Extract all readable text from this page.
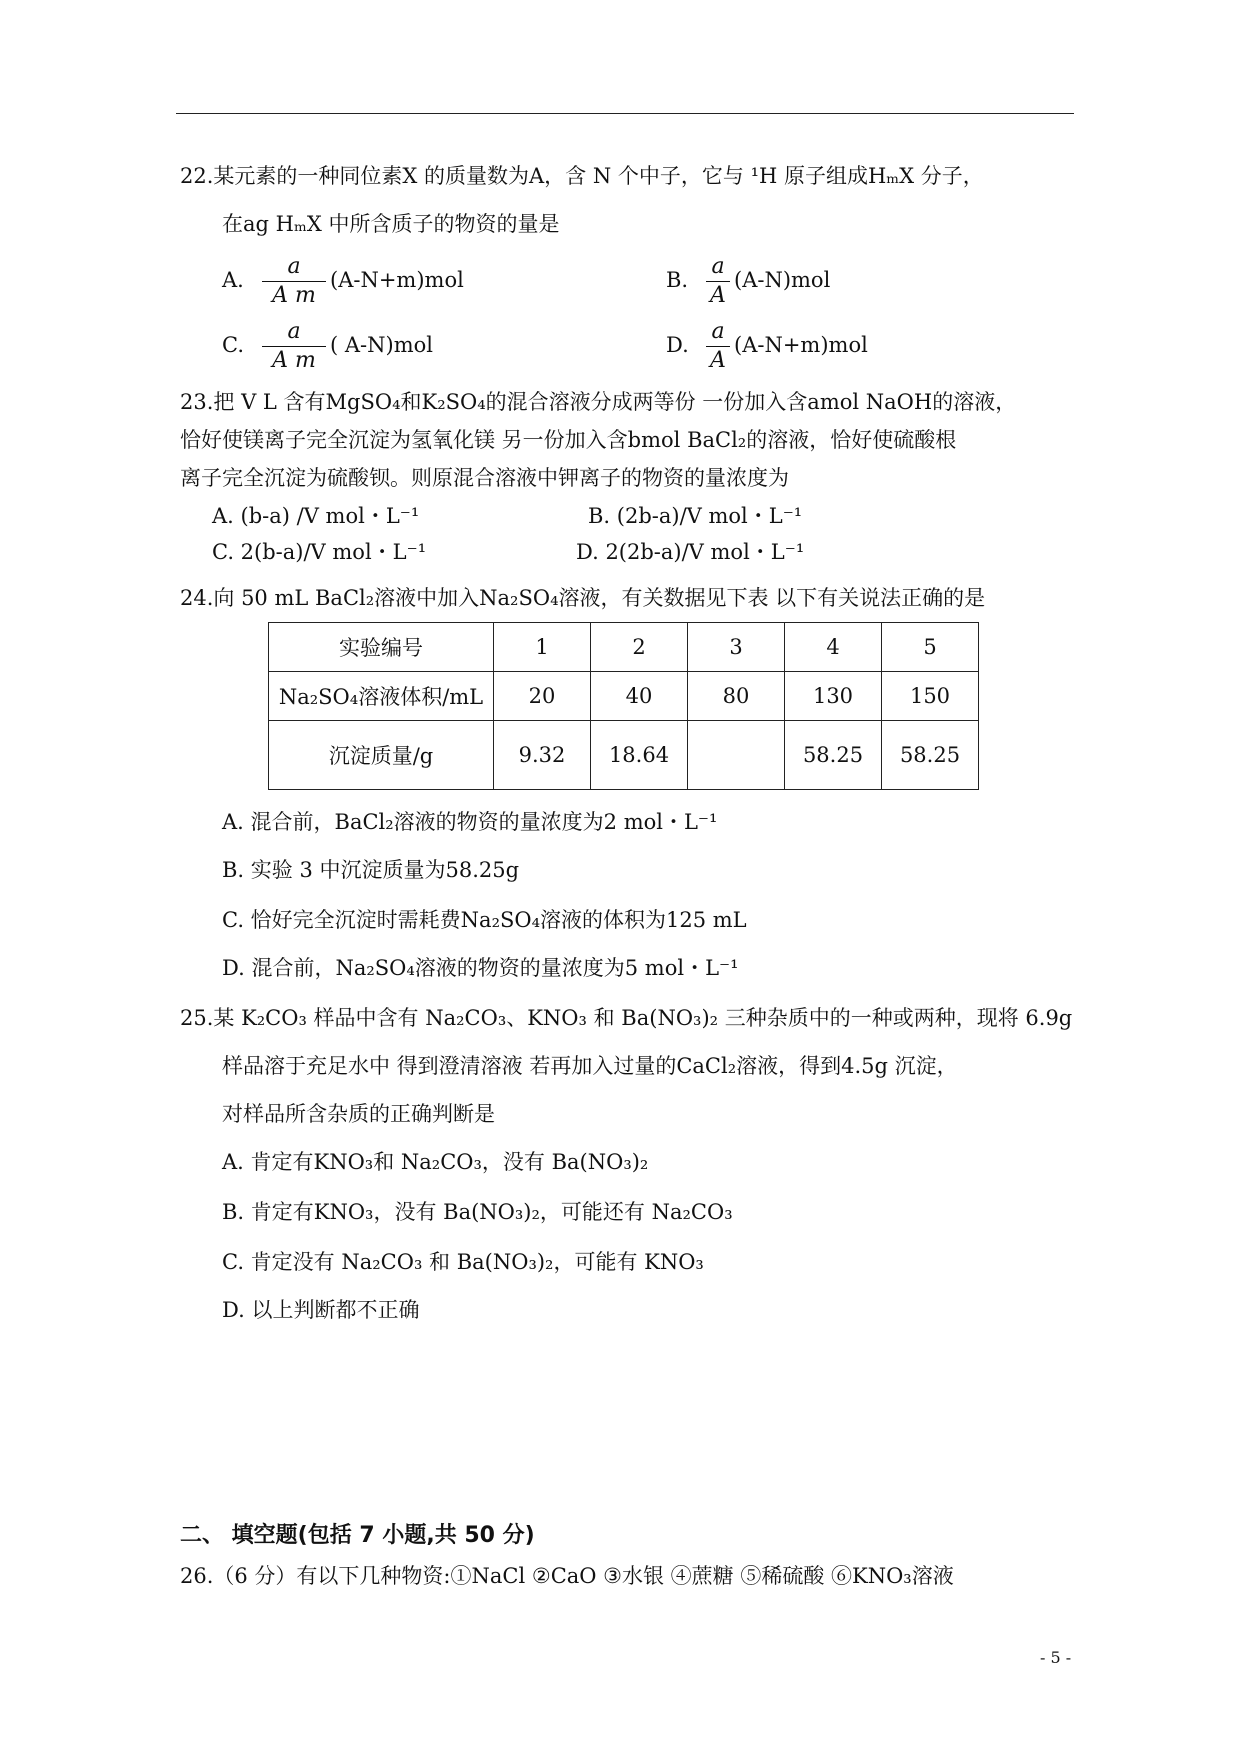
22.某元素的一种同位素X 的质量数为A，含 N 个中子，它与 ¹H 原子组成HₘX 分子，
在ag HₘX 中所含质子的物资的量是
A.
a
A m
(A-N+m)mol	B.
a
A
(A-N)mol
C.
a
A m
( A-N)mol	D.
a
A
(A-N+m)mol
23.把 V L 含有MgSO₄和K₂SO₄的混合溶液分成两等份 一份加入含amol NaOH的溶液，
恰好使镁离子完全沉淀为氢氧化镁 另一份加入含bmol BaCl₂的溶液，恰好使硫酸根
离子完全沉淀为硫酸钡。则原混合溶液中钾离子的物资的量浓度为
A. (b-a) /V mol・L⁻¹	B. (2b-a)/V mol・L⁻¹
C. 2(b-a)/V mol・L⁻¹	D. 2(2b-a)/V mol・L⁻¹
24.向 50 mL BaCl₂溶液中加入Na₂SO₄溶液，有关数据见下表 以下有关说法正确的是
实验编号	1	2	3	4	5
Na₂SO₄溶液体积/mL	20	40	80	130	150
沉淀质量/g	9.32	18.64		58.25	58.25
A. 混合前，BaCl₂溶液的物资的量浓度为2 mol・L⁻¹
B. 实验 3 中沉淀质量为58.25g
C. 恰好完全沉淀时需耗费Na₂SO₄溶液的体积为125 mL
D. 混合前，Na₂SO₄溶液的物资的量浓度为5 mol・L⁻¹
25.某 K₂CO₃ 样品中含有 Na₂CO₃、KNO₃ 和 Ba(NO₃)₂ 三种杂质中的一种或两种，现将 6.9g
样品溶于充足水中 得到澄清溶液 若再加入过量的CaCl₂溶液，得到4.5g 沉淀，
对样品所含杂质的正确判断是
A. 肯定有KNO₃和 Na₂CO₃，没有 Ba(NO₃)₂
B. 肯定有KNO₃，没有 Ba(NO₃)₂，可能还有 Na₂CO₃
C. 肯定没有 Na₂CO₃ 和 Ba(NO₃)₂，可能有 KNO₃
D. 以上判断都不正确
二、 填空题(包括 7 小题,共 50 分)
26.（6 分）有以下几种物资:①NaCl ②CaO ③水银 ④蔗糖 ⑤稀硫酸 ⑥KNO₃溶液
- 5 -
